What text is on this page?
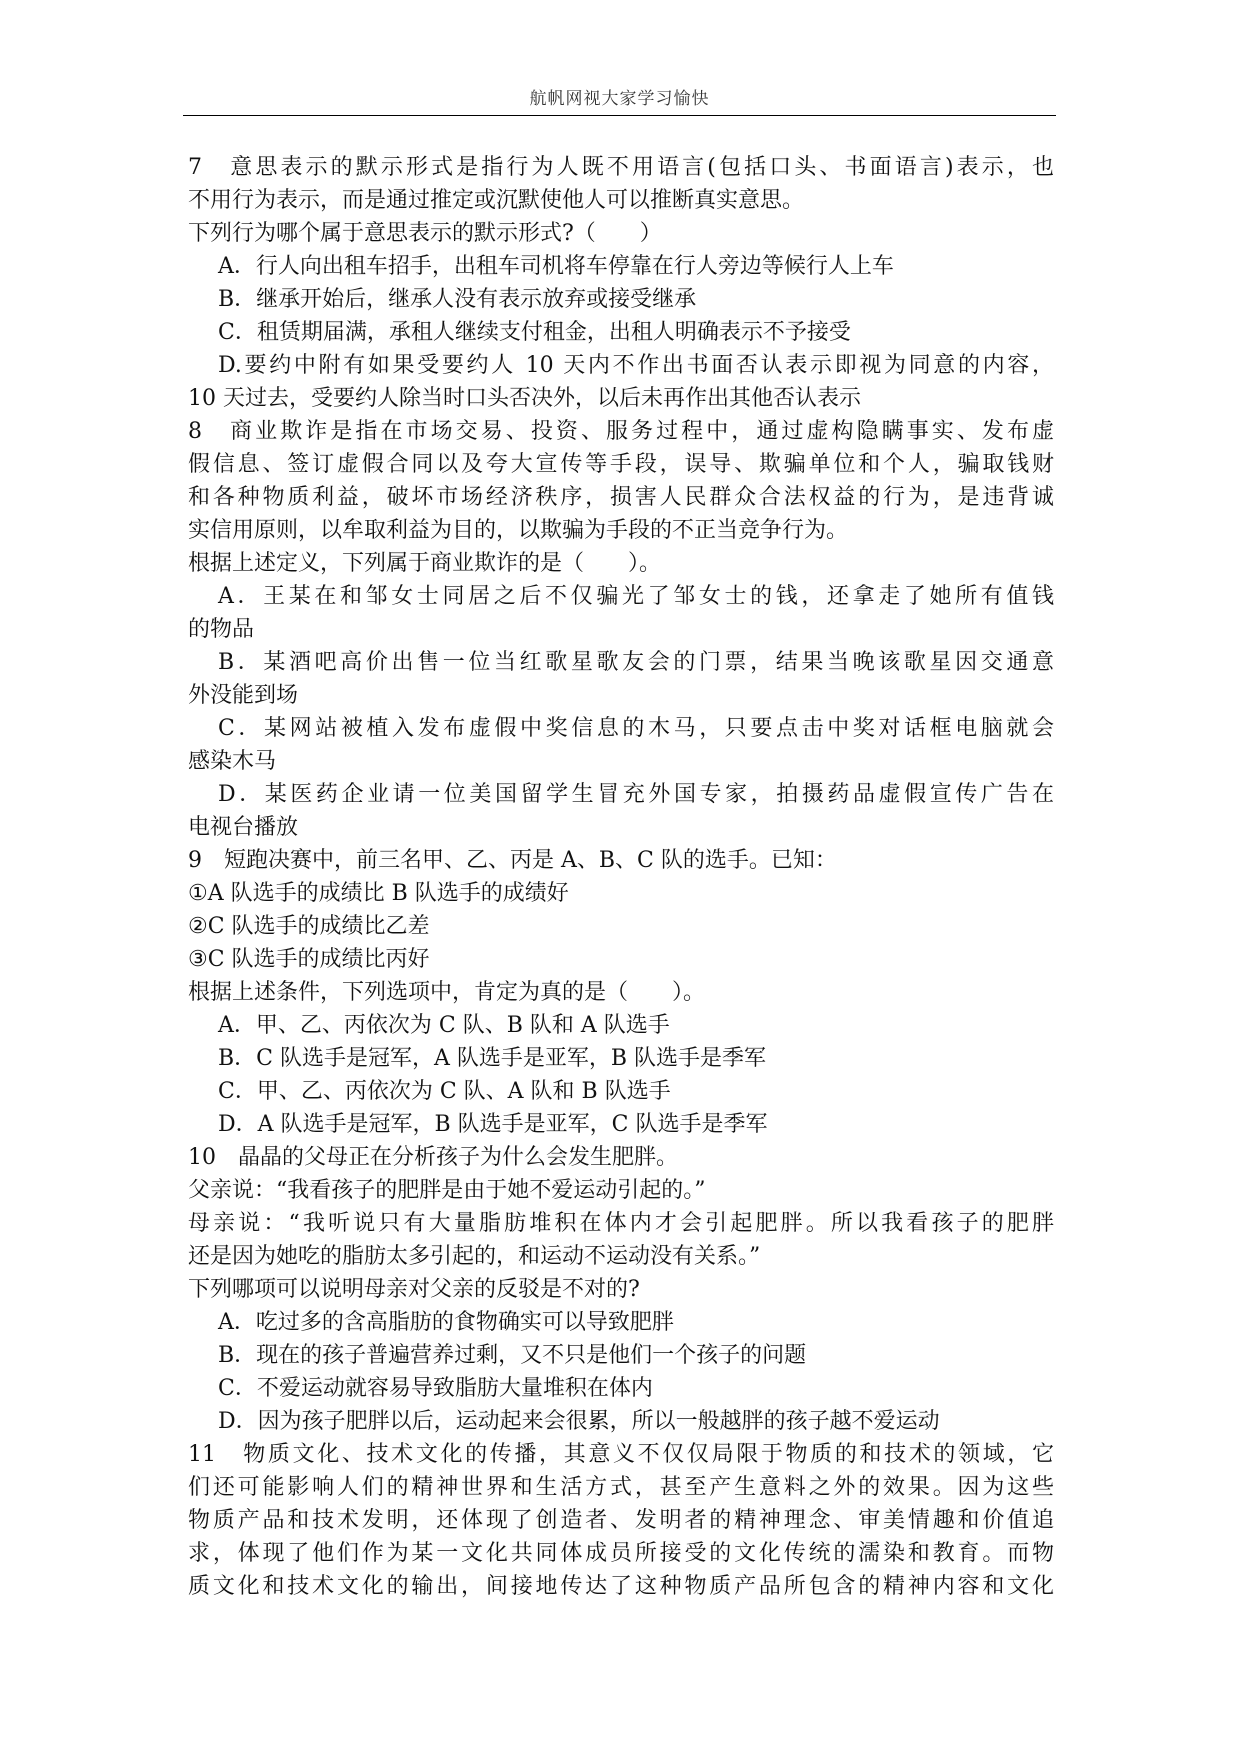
航帆网视大家学习愉快
7　意思表示的默示形式是指行为人既不用语言(包括口头、书面语言)表示，也
不用行为表示，而是通过推定或沉默使他人可以推断真实意思。
下列行为哪个属于意思表示的默示形式?（　　）
A．行人向出租车招手，出租车司机将车停靠在行人旁边等候行人上车
B．继承开始后，继承人没有表示放弃或接受继承
C．租赁期届满，承租人继续支付租金，出租人明确表示不予接受
D.要约中附有如果受要约人 10 天内不作出书面否认表示即视为同意的内容，
10 天过去，受要约人除当时口头否决外，以后未再作出其他否认表示
8　商业欺诈是指在市场交易、投资、服务过程中，通过虚构隐瞒事实、发布虚
假信息、签订虚假合同以及夸大宣传等手段，误导、欺骗单位和个人，骗取钱财
和各种物质利益，破坏市场经济秩序，损害人民群众合法权益的行为，是违背诚
实信用原则，以牟取利益为目的，以欺骗为手段的不正当竞争行为。
根据上述定义，下列属于商业欺诈的是（　　）。
A．王某在和邹女士同居之后不仅骗光了邹女士的钱，还拿走了她所有值钱
的物品
B．某酒吧高价出售一位当红歌星歌友会的门票，结果当晚该歌星因交通意
外没能到场
C．某网站被植入发布虚假中奖信息的木马，只要点击中奖对话框电脑就会
感染木马
D．某医药企业请一位美国留学生冒充外国专家，拍摄药品虚假宣传广告在
电视台播放
9　短跑决赛中，前三名甲、乙、丙是 A、B、C 队的选手。已知：
①A 队选手的成绩比 B 队选手的成绩好
②C 队选手的成绩比乙差
③C 队选手的成绩比丙好
根据上述条件，下列选项中，肯定为真的是（　　）。
A．甲、乙、丙依次为 C 队、B 队和 A 队选手
B．C 队选手是冠军，A 队选手是亚军，B 队选手是季军
C．甲、乙、丙依次为 C 队、A 队和 B 队选手
D．A 队选手是冠军，B 队选手是亚军，C 队选手是季军
10　晶晶的父母正在分析孩子为什么会发生肥胖。
父亲说：“我看孩子的肥胖是由于她不爱运动引起的。”
母亲说：“我听说只有大量脂肪堆积在体内才会引起肥胖。所以我看孩子的肥胖
还是因为她吃的脂肪太多引起的，和运动不运动没有关系。”
下列哪项可以说明母亲对父亲的反驳是不对的?
A．吃过多的含高脂肪的食物确实可以导致肥胖
B．现在的孩子普遍营养过剩，又不只是他们一个孩子的问题
C．不爱运动就容易导致脂肪大量堆积在体内
D．因为孩子肥胖以后，运动起来会很累，所以一般越胖的孩子越不爱运动
11　物质文化、技术文化的传播，其意义不仅仅局限于物质的和技术的领域，它
们还可能影响人们的精神世界和生活方式，甚至产生意料之外的效果。因为这些
物质产品和技术发明，还体现了创造者、发明者的精神理念、审美情趣和价值追
求，体现了他们作为某一文化共同体成员所接受的文化传统的濡染和教育。而物
质文化和技术文化的输出，间接地传达了这种物质产品所包含的精神内容和文化
